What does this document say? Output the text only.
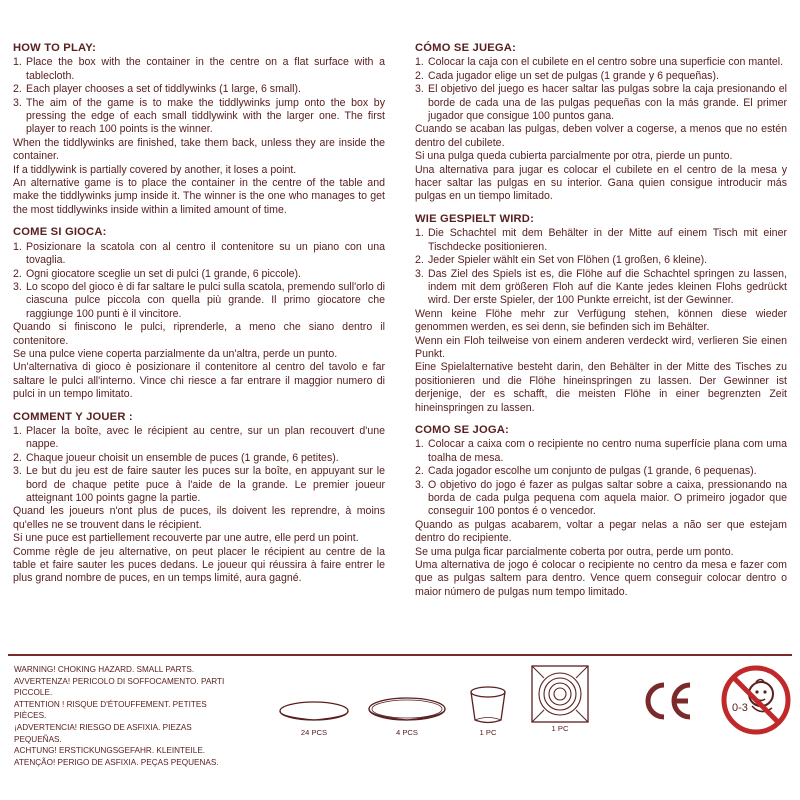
HOW TO PLAY:
1. Place the box with the container in the centre on a flat surface with a tablecloth.
2. Each player chooses a set of tiddlywinks (1 large, 6 small).
3. The aim of the game is to make the tiddlywinks jump onto the box by pressing the edge of each small tiddlywink with the larger one. The first player to reach 100 points is the winner.

When the tiddlywinks are finished, take them back, unless they are inside the container.

If a tiddlywink is partially covered by another, it loses a point.

An alternative game is to place the container in the centre of the table and make the tiddlywinks jump inside it. The winner is the one who manages to get the most tiddlywinks inside within a limited amount of time.

COME SI GIOCA:
1. Posizionare la scatola con al centro il contenitore su un piano con una tovaglia.
2. Ogni giocatore sceglie un set di pulci (1 grande, 6 piccole).
3. Lo scopo del gioco è di far saltare le pulci sulla scatola, premendo sull'orlo di ciascuna pulce piccola con quella più grande. Il primo giocatore che raggiunge 100 punti è il vincitore.

Quando si finiscono le pulci, riprenderle, a meno che siano dentro il contenitore.

Se una pulce viene coperta parzialmente da un'altra, perde un punto.

Un'alternativa di gioco è posizionare il contenitore al centro del tavolo e far saltare le pulci all'interno. Vince chi riesce a far entrare il maggior numero di pulci in un tempo limitato.

COMMENT Y JOUER :
1. Placer la boîte, avec le récipient au centre, sur un plan recouvert d'une nappe.
2. Chaque joueur choisit un ensemble de puces (1 grande, 6 petites).
3. Le but du jeu est de faire sauter les puces sur la boîte, en appuyant sur le bord de chaque petite puce à l'aide de la grande. Le premier joueur atteignant 100 points gagne la partie.

Quand les joueurs n'ont plus de puces, ils doivent les reprendre, à moins qu'elles ne se trouvent dans le récipient.

Si une puce est partiellement recouverte par une autre, elle perd un point.

Comme règle de jeu alternative, on peut placer le récipient au centre de la table et faire sauter les puces dedans. Le joueur qui réussira à faire entrer le plus grand nombre de puces, en un temps limité, aura gagné.

CÓMO SE JUEGA:
1. Colocar la caja con el cubilete en el centro sobre una superficie con mantel.
2. Cada jugador elige un set de pulgas (1 grande y 6 pequeñas).
3. El objetivo del juego es hacer saltar las pulgas sobre la caja presionando el borde de cada una de las pulgas pequeñas con la más grande. El primer jugador que consigue 100 puntos gana.

Cuando se acaban las pulgas, deben volver a cogerse, a menos que no estén dentro del cubilete.

Si una pulga queda cubierta parcialmente por otra, pierde un punto.

Una alternativa para jugar es colocar el cubilete en el centro de la mesa y hacer saltar las pulgas en su interior. Gana quien consigue introducir más pulgas en un tiempo limitado.

WIE GESPIELT WIRD:
1. Die Schachtel mit dem Behälter in der Mitte auf einem Tisch mit einer Tischdecke positionieren.
2. Jeder Spieler wählt ein Set von Flöhen (1 großen, 6 kleine).
3. Das Ziel des Spiels ist es, die Flöhe auf die Schachtel springen zu lassen, indem mit dem größeren Floh auf die Kante jedes kleinen Flohs gedrückt wird. Der erste Spieler, der 100 Punkte erreicht, ist der Gewinner.

Wenn keine Flöhe mehr zur Verfügung stehen, können diese wieder genommen werden, es sei denn, sie befinden sich im Behälter.

Wenn ein Floh teilweise von einem anderen verdeckt wird, verlieren Sie einen Punkt.

Eine Spielalternative besteht darin, den Behälter in der Mitte des Tisches zu positionieren und die Flöhe hineinspringen zu lassen. Der Gewinner ist derjenige, der es schafft, die meisten Flöhe in einer begrenzten Zeit hineinspringen zu lassen.

COMO SE JOGA:
1. Colocar a caixa com o recipiente no centro numa superfície plana com uma toalha de mesa.
2. Cada jogador escolhe um conjunto de pulgas (1 grande, 6 pequenas).
3. O objetivo do jogo é fazer as pulgas saltar sobre a caixa, pressionando na borda de cada pulga pequena com aquela maior. O primeiro jogador que conseguir 100 pontos é o vencedor.

Quando as pulgas acabarem, voltar a pegar nelas a não ser que estejam dentro do recipiente.

Se uma pulga ficar parcialmente coberta por outra, perde um ponto.

Uma alternativa de jogo é colocar o recipiente no centro da mesa e fazer com que as pulgas saltem para dentro. Vence quem conseguir colocar dentro o maior número de pulgas num tempo limitado.

WARNING! CHOKING HAZARD. SMALL PARTS.
AVVERTENZA! PERICOLO DI SOFFOCAMENTO. PARTI PICCOLE.
ATTENTION ! RISQUE D'ÉTOUFFEMENT. PETITES PIÈCES.
¡ADVERTENCIA! RIESGO DE ASFIXIA. PIEZAS PEQUEÑAS.
ACHTUNG! ERSTICKUNGSGEFAHR. KLEINTEILE.
ATENÇÃO! PERIGO DE ASFIXIA. PEÇAS PEQUENAS.
24 PCS	4 PCS	1 PC	1 PC
0-3
